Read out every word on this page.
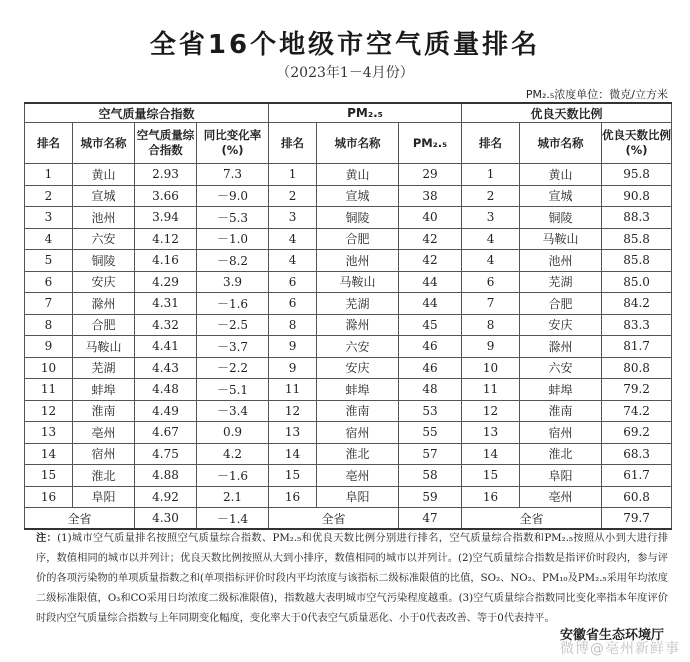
全省16个地级市空气质量排名
（2023年1－4月份）
PM₂.₅浓度单位：微克/立方米
空气质量综合指数				PM₂.₅			优良天数比例		
排名	城市名称	空气质量综合指数	同比变化率(%)	排名	城市名称	PM₂.₅	排名	城市名称	优良天数比例(%)
1	黄山	2.93	7.3	1	黄山	29	1	黄山	95.8
2	宣城	3.66	－9.0	2	宣城	38	2	宣城	90.8
3	池州	3.94	－5.3	3	铜陵	40	3	铜陵	88.3
4	六安	4.12	－1.0	4	合肥	42	4	马鞍山	85.8
5	铜陵	4.16	－8.2	4	池州	42	4	池州	85.8
6	安庆	4.29	3.9	6	马鞍山	44	6	芜湖	85.0
7	滁州	4.31	－1.6	6	芜湖	44	7	合肥	84.2
8	合肥	4.32	－2.5	8	滁州	45	8	安庆	83.3
9	马鞍山	4.41	－3.7	9	六安	46	9	滁州	81.7
10	芜湖	4.43	－2.2	9	安庆	46	10	六安	80.8
11	蚌埠	4.48	－5.1	11	蚌埠	48	11	蚌埠	79.2
12	淮南	4.49	－3.4	12	淮南	53	12	淮南	74.2
13	亳州	4.67	0.9	13	宿州	55	13	宿州	69.2
14	宿州	4.75	4.2	14	淮北	57	14	淮北	68.3
15	淮北	4.88	－1.6	15	亳州	58	15	阜阳	61.7
16	阜阳	4.92	2.1	16	阜阳	59	16	亳州	60.8
全省		4.30	－1.4	全省		47	全省		79.7
注：(1)城市空气质量排名按照空气质量综合指数、PM₂.₅和优良天数比例分别进行排名，空气质量综合指数和PM₂.₅按照从小到大进行排序，数值相同的城市以并列计；优良天数比例按照从大到小排序，数值相同的城市以并列计。(2)空气质量综合指数是指评价时段内，参与评价的各项污染物的单项质量指数之和(单项指标评价时段内平均浓度与该指标二级标准限值的比值，SO₂、NO₂、PM₁₀及PM₂.₅采用年均浓度二级标准限值，O₃和CO采用日均浓度二级标准限值)，指数越大表明城市空气污染程度越重。(3)空气质量综合指数同比变化率指本年度评价时段内空气质量综合指数与上年同期变化幅度，变化率大于0代表空气质量恶化、小于0代表改善、等于0代表持平。
安徽省生态环境厅
微博@亳州新鲜事
